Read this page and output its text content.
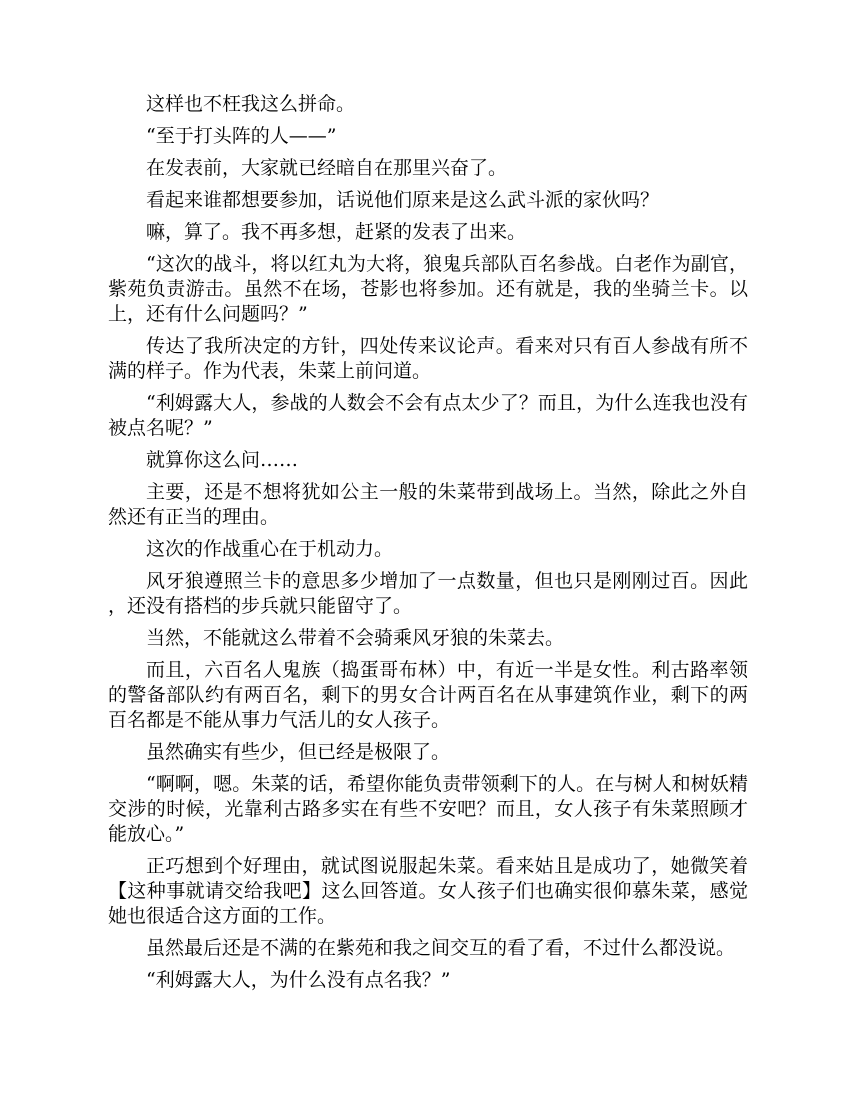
这样也不枉我这么拼命。

“至于打头阵的人——”

在发表前，大家就已经暗自在那里兴奋了。

看起来谁都想要参加，话说他们原来是这么武斗派的家伙吗？

嘛，算了。我不再多想，赶紧的发表了出来。

“这次的战斗，将以红丸为大将，狼鬼兵部队百名参战。白老作为副官，紫苑负责游击。虽然不在场，苍影也将参加。还有就是，我的坐骑兰卡。以上，还有什么问题吗？”

传达了我所决定的方针，四处传来议论声。看来对只有百人参战有所不满的样子。作为代表，朱菜上前问道。

“利姆露大人，参战的人数会不会有点太少了？而且，为什么连我也没有被点名呢？”

就算你这么问……

主要，还是不想将犹如公主一般的朱菜带到战场上。当然，除此之外自然还有正当的理由。

这次的作战重心在于机动力。

风牙狼遵照兰卡的意思多少增加了一点数量，但也只是刚刚过百。因此，还没有搭档的步兵就只能留守了。

当然，不能就这么带着不会骑乘风牙狼的朱菜去。

而且，六百名人鬼族（捣蛋哥布林）中，有近一半是女性。利古路率领的警备部队约有两百名，剩下的男女合计两百名在从事建筑作业，剩下的两百名都是不能从事力气活儿的女人孩子。

虽然确实有些少，但已经是极限了。

“啊啊，嗯。朱菜的话，希望你能负责带领剩下的人。在与树人和树妖精交涉的时候，光靠利古路多实在有些不安吧？而且，女人孩子有朱菜照顾才能放心。”

正巧想到个好理由，就试图说服起朱菜。看来姑且是成功了，她微笑着【这种事就请交给我吧】这么回答道。女人孩子们也确实很仰慕朱菜，感觉她也很适合这方面的工作。

虽然最后还是不满的在紫苑和我之间交互的看了看，不过什么都没说。

“利姆露大人，为什么没有点名我？”
